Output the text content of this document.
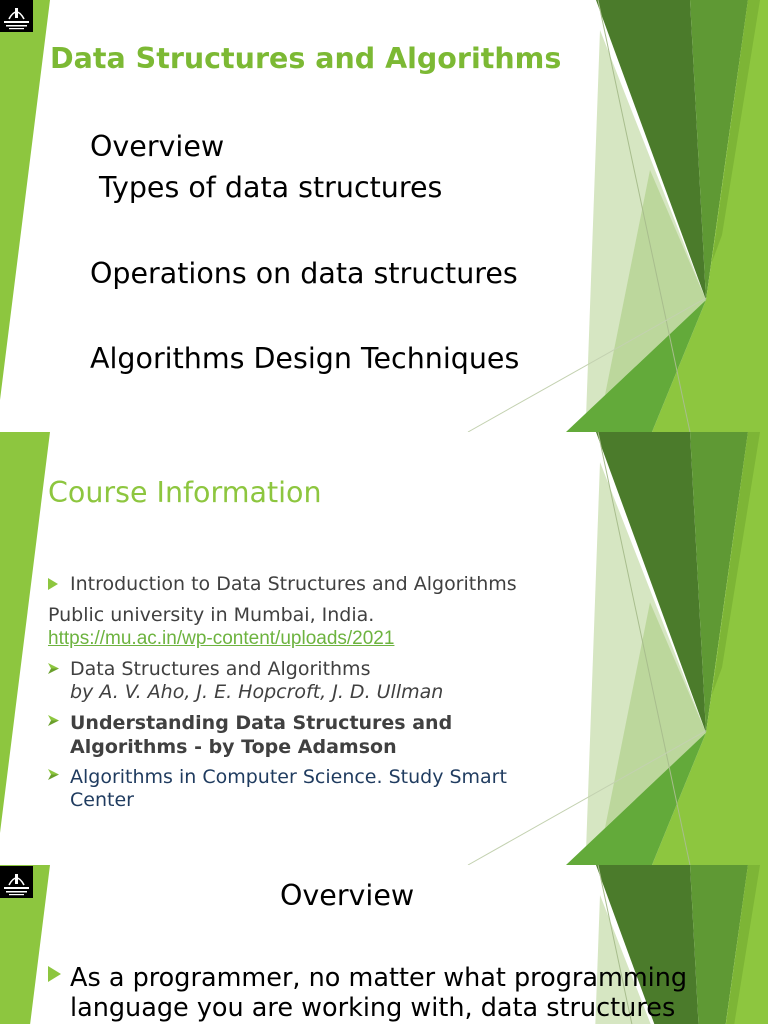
Data Structures and Algorithms
Overview
Types of data structures
Operations on data structures
Algorithms Design Techniques
Course Information
Introduction to Data Structures and Algorithms
Public university in Mumbai, India.
https://mu.ac.in/wp-content/uploads/2021
Data Structures and Algorithms
by A. V. Aho, J. E. Hopcroft, J. D. Ullman
Understanding Data Structures and
Algorithms - by Tope Adamson
Algorithms in Computer Science. Study Smart
Center
Overview
As a programmer, no matter what programming
language you are working with, data structures
